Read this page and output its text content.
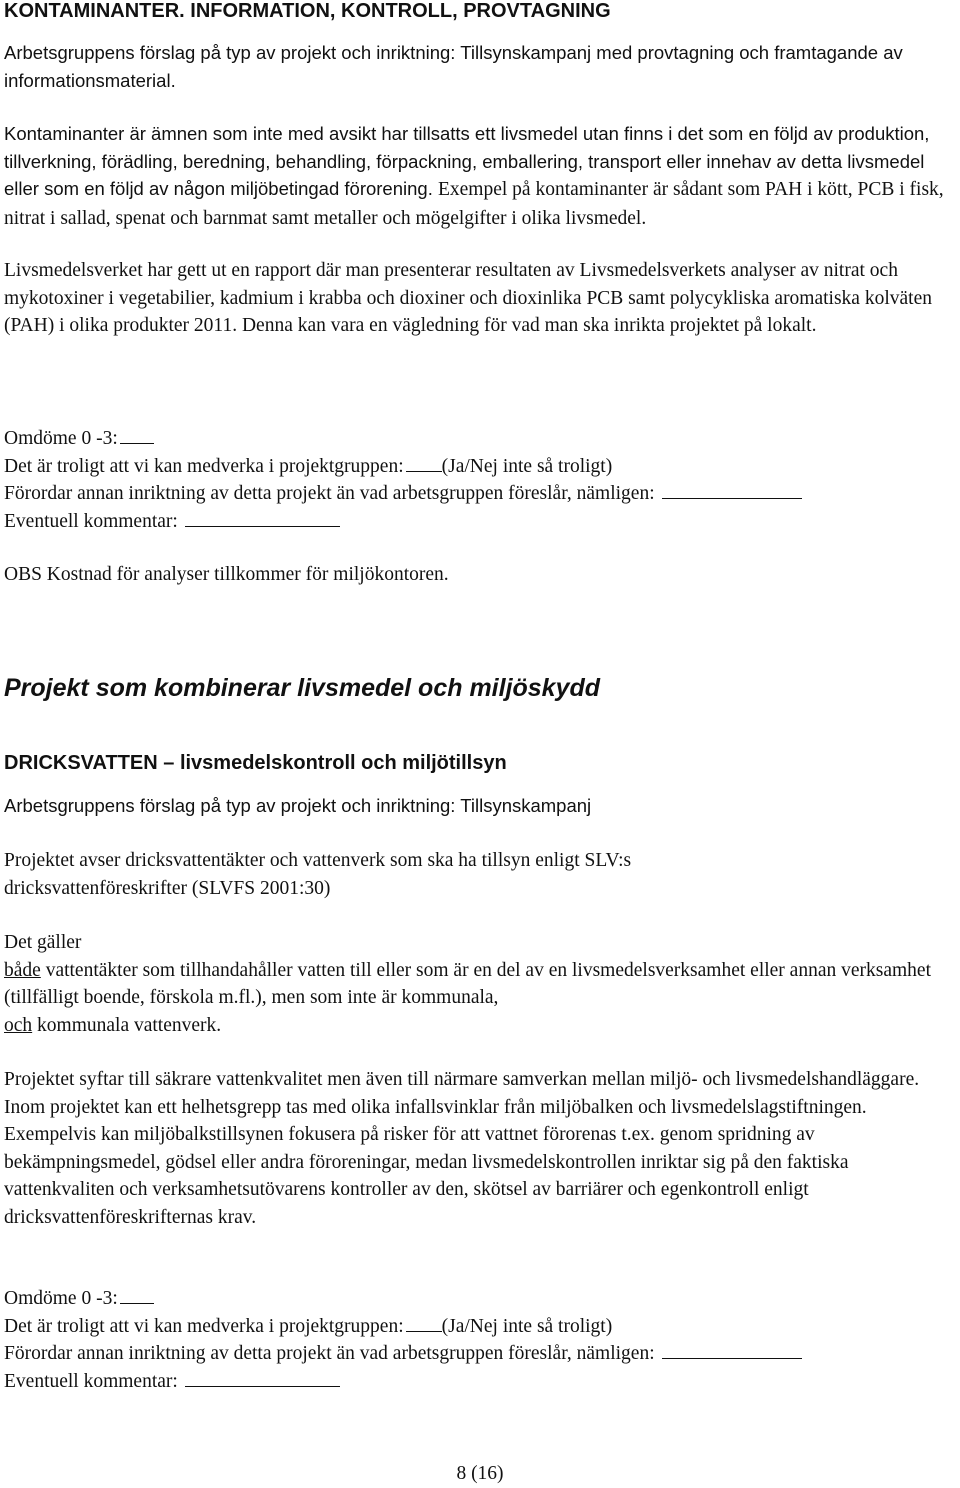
KONTAMINANTER. INFORMATION, KONTROLL, PROVTAGNING
Arbetsgruppens förslag på typ av projekt och inriktning: Tillsynskampanj med provtagning och framtagande av informationsmaterial.
Kontaminanter är ämnen som inte med avsikt har tillsatts ett livsmedel utan finns i det som en följd av produktion, tillverkning, förädling, beredning, behandling, förpackning, emballering, transport eller innehav av detta livsmedel eller som en följd av någon miljöbetingad förorening. Exempel på kontaminanter är sådant som PAH i kött, PCB i fisk, nitrat i sallad, spenat och barnmat samt metaller och mögelgifter i olika livsmedel.
Livsmedelsverket har gett ut en rapport där man presenterar resultaten av Livsmedelsverkets analyser av nitrat och mykotoxiner i vegetabilier, kadmium i krabba och dioxiner och dioxinlika PCB samt polycykliska aromatiska kolväten (PAH) i olika produkter 2011. Denna kan vara en vägledning för vad man ska inrikta projektet på lokalt.
Omdöme 0 -3:
Det är troligt att vi kan medverka i projektgruppen: (Ja/Nej inte så troligt)
Förordar annan inriktning av detta projekt än vad arbetsgruppen föreslår, nämligen:
Eventuell kommentar:
OBS Kostnad för analyser tillkommer för miljökontoren.
Projekt som kombinerar livsmedel och miljöskydd
DRICKSVATTEN – livsmedelskontroll och miljötillsyn
Arbetsgruppens förslag på typ av projekt och inriktning: Tillsynskampanj
Projektet avser dricksvattentäkter och vattenverk som ska ha tillsyn enligt SLV:s
dricksvattenföreskrifter (SLVFS 2001:30)
Det gäller
både vattentäkter som tillhandahåller vatten till eller som är en del av en livsmedelsverksamhet eller annan verksamhet (tillfälligt boende, förskola m.fl.), men som inte är kommunala,
och kommunala vattenverk.
Projektet syftar till säkrare vattenkvalitet men även till närmare samverkan mellan miljö- och livsmedelshandläggare. Inom projektet kan ett helhetsgrepp tas med olika infallsvinklar från miljöbalken och livsmedelslagstiftningen. Exempelvis kan miljöbalkstillsynen fokusera på risker för att vattnet förorenas t.ex. genom spridning av bekämpningsmedel, gödsel eller andra föroreningar, medan livsmedelskontrollen inriktar sig på den faktiska vattenkvaliten och verksamhetsutövarens kontroller av den, skötsel av barriärer och egenkontroll enligt dricksvattenföreskrifternas krav.
Omdöme 0 -3:
Det är troligt att vi kan medverka i projektgruppen: (Ja/Nej inte så troligt)
Förordar annan inriktning av detta projekt än vad arbetsgruppen föreslår, nämligen:
Eventuell kommentar:
8 (16)
